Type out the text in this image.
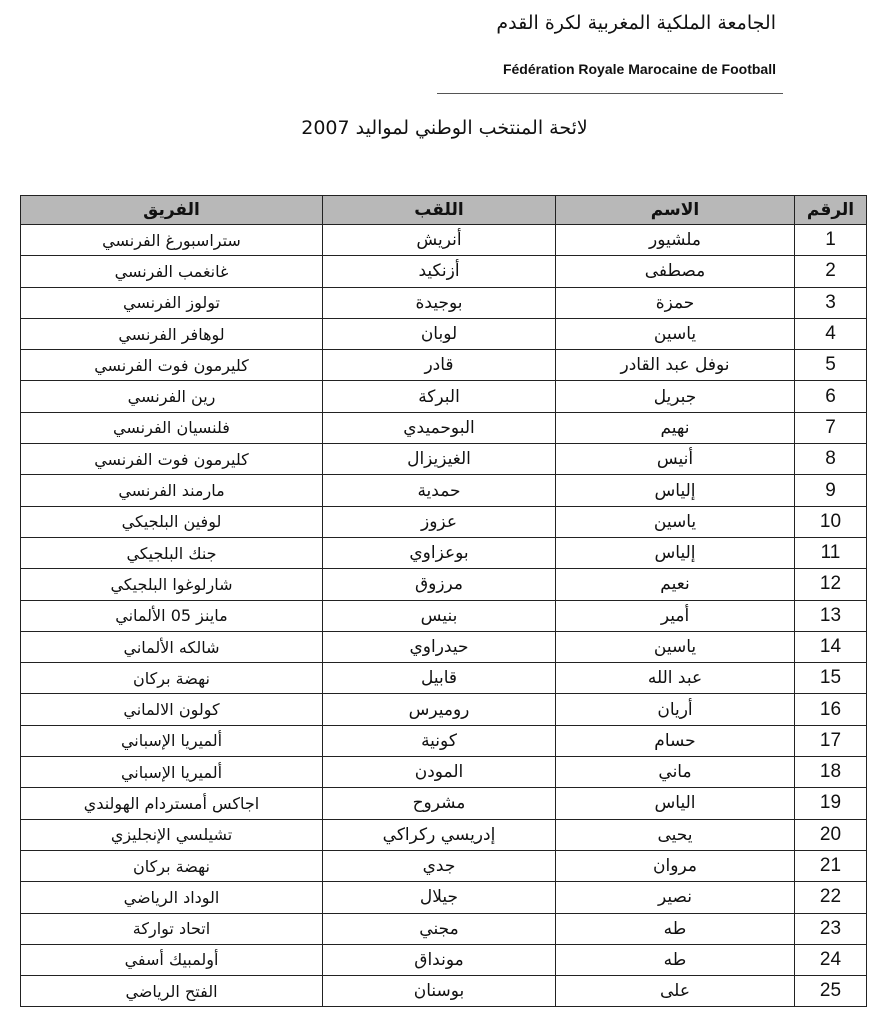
الجامعة الملكية المغربية لكرة القدم
Fédération Royale Marocaine de Football
لائحة المنتخب الوطني لمواليد 2007
الرقم	الاسم	اللقب	الفريق
1	ملشيور	أنريش	ستراسبورغ الفرنسي
2	مصطفى	أزنكيد	غانغمب الفرنسي
3	حمزة	بوجيدة	تولوز الفرنسي
4	ياسين	لوبان	لوهافر الفرنسي
5	نوفل عبد القادر	قادر	كليرمون فوت الفرنسي
6	جبريل	البركة	رين الفرنسي
7	نهيم	البوحميدي	فلنسيان الفرنسي
8	أنيس	الغيزيزال	كليرمون فوت الفرنسي
9	إلياس	حمدية	مارمند الفرنسي
10	ياسين	عزوز	لوفين البلجيكي
11	إلياس	بوعزاوي	جنك البلجيكي
12	نعيم	مرزوق	شارلوغوا البلجيكي
13	أمير	بنيس	ماينز 05 الألماني
14	ياسين	حيدراوي	شالكه الألماني
15	عبد الله	قابيل	نهضة بركان
16	أريان	روميرس	كولون الالماني
17	حسام	كونية	ألميريا الإسباني
18	ماني	المودن	ألميريا الإسباني
19	الياس	مشروح	اجاكس أمستردام الهولندي
20	يحيى	إدريسي ركراكي	تشيلسي الإنجليزي
21	مروان	جدي	نهضة بركان
22	نصير	جيلال	الوداد الرياضي
23	طه	مجني	اتحاد تواركة
24	طه	مونداق	أولمبيك أسفي
25	على	بوسنان	الفتح الرياضي
